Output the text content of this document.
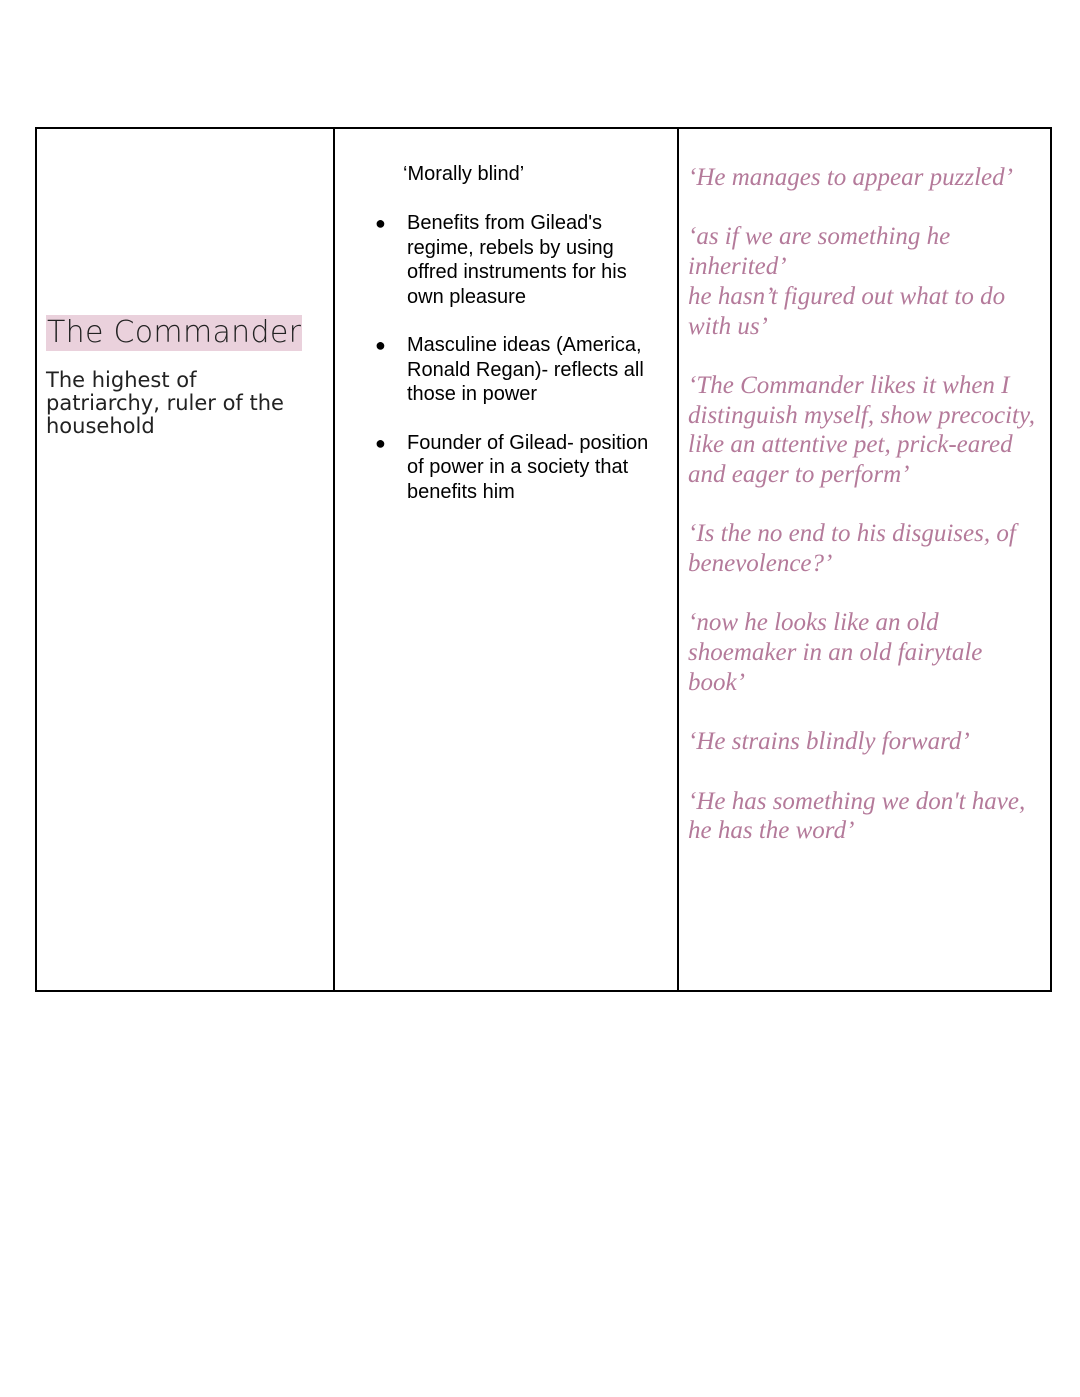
The Commander
The highest of patriarchy, ruler of the household
‘Morally blind’
● Benefits from Gilead's regime, rebels by using offred instruments for his own pleasure
● Masculine ideas (America, Ronald Regan)- reflects all those in power
● Founder of Gilead- position of power in a society that benefits him

‘He manages to appear puzzled’

‘as if we are something he
inherited’
he hasn’t figured out what to do with us’

‘The Commander likes it when I distinguish myself, show precocity, like an attentive pet, prick-eared and eager to perform’

‘Is the no end to his disguises, of benevolence?’

‘now he looks like an old shoemaker in an old fairytale book’

‘He strains blindly forward’

‘He has something we don't have, he has the word’
